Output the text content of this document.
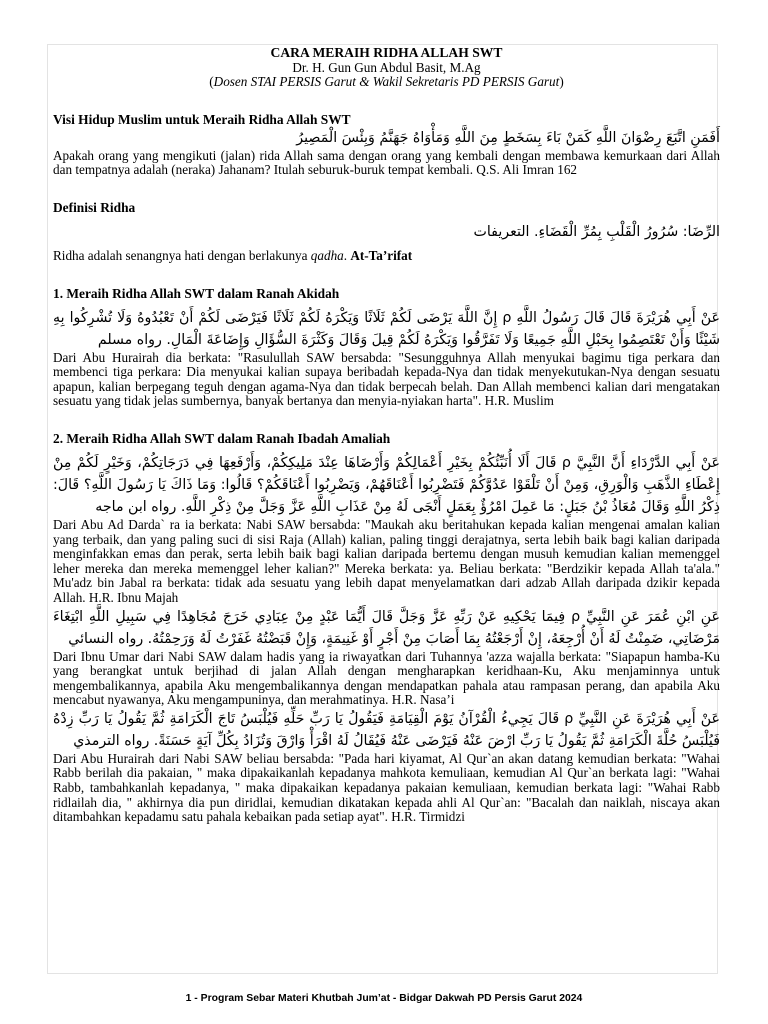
CARA MERAIH RIDHA ALLAH SWT
Dr. H. Gun Gun Abdul Basit, M.Ag
(Dosen STAI PERSIS Garut & Wakil Sekretaris PD PERSIS Garut)
Visi Hidup Muslim untuk Meraih Ridha Allah SWT
أَفَمَنِ اتَّبَعَ رِضْوَانَ اللَّهِ كَمَنْ بَاءَ بِسَخَطٍ مِنَ اللَّهِ وَمَأْوَاهُ جَهَنَّمُ وَبِئْسَ الْمَصِيرُ

Apakah orang yang mengikuti (jalan) rida Allah sama dengan orang yang kembali dengan membawa kemurkaan dari Allah dan tempatnya adalah (neraka) Jahanam? Itulah seburuk-buruk tempat kembali. Q.S. Ali Imran 162

Definisi Ridha
الرِّضَا: سُرُورُ الْقَلْبِ بِمُرِّ الْقَضَاءِ. التعريفات

Ridha adalah senangnya hati dengan berlakunya qadha. At-Ta’rifat

1. Meraih Ridha Allah SWT dalam Ranah Akidah
عَنْ أَبِي هُرَيْرَةَ قَالَ قَالَ رَسُولُ اللَّهِ ρ إِنَّ اللَّهَ يَرْضَى لَكُمْ ثَلَاثًا وَيَكْرَهُ لَكُمْ ثَلَاثًا فَيَرْضَى لَكُمْ أَنْ تَعْبُدُوهُ وَلَا تُشْرِكُوا بِهِ شَيْئًا وَأَنْ تَعْتَصِمُوا بِحَبْلِ اللَّهِ جَمِيعًا وَلَا تَفَرَّقُوا وَيَكْرَهُ لَكُمْ قِيلَ وَقَالَ وَكَثْرَةَ السُّؤَالِ وَإِضَاعَةَ الْمَالِ. رواه مسلم

Dari Abu Hurairah dia berkata: "Rasulullah SAW bersabda: "Sesungguhnya Allah menyukai bagimu tiga perkara dan membenci tiga perkara: Dia menyukai kalian supaya beribadah kepada-Nya dan tidak menyekutukan-Nya dengan sesuatu apapun, kalian berpegang teguh dengan agama-Nya dan tidak berpecah belah. Dan Allah membenci kalian dari mengatakan sesuatu yang tidak jelas sumbernya, banyak bertanya dan menyia-nyiakan harta". H.R. Muslim

2. Meraih Ridha Allah SWT dalam Ranah Ibadah Amaliah
عَنْ أَبِي الدَّرْدَاءِ أَنَّ النَّبِيَّ ρ قَالَ أَلَا أُنَبِّئُكُمْ بِخَيْرِ أَعْمَالِكُمْ وَأَرْضَاهَا عِنْدَ مَلِيكِكُمْ، وَأَرْفَعِهَا فِي دَرَجَاتِكُمْ، وَخَيْرٍ لَكُمْ مِنْ إِعْطَاءِ الذَّهَبِ وَالْوَرِقِ، وَمِنْ أَنْ تَلْقَوْا عَدُوَّكُمْ فَتَضْرِبُوا أَعْنَاقَهُمْ، وَيَضْرِبُوا أَعْنَاقَكُمْ؟ قَالُوا: وَمَا ذَاكَ يَا رَسُولَ اللَّهِ؟ قَالَ: ذِكْرُ اللَّهِ وَقَالَ مُعَاذُ بْنُ جَبَلٍ: مَا عَمِلَ امْرُؤٌ بِعَمَلٍ أَنْجَى لَهُ مِنْ عَذَابِ اللَّهِ عَزَّ وَجَلَّ مِنْ ذِكْرِ اللَّهِ. رواه ابن ماجه

Dari Abu Ad Darda` ra ia berkata: Nabi SAW bersabda: "Maukah aku beritahukan kepada kalian mengenai amalan kalian yang terbaik, dan yang paling suci di sisi Raja (Allah) kalian, paling tinggi derajatnya, serta lebih baik bagi kalian daripada menginfakkan emas dan perak, serta lebih baik bagi kalian daripada bertemu dengan musuh kemudian kalian memenggel leher mereka dan mereka memenggel leher kalian?" Mereka berkata: ya. Beliau berkata: "Berdzikir kepada Allah ta'ala." Mu'adz bin Jabal ra berkata: tidak ada sesuatu yang lebih dapat menyelamatkan dari adzab Allah daripada dzikir kepada Allah. H.R. Ibnu Majah

عَنِ ابْنِ عُمَرَ عَنِ النَّبِيِّ ρ فِيمَا يَحْكِيهِ عَنْ رَبِّهِ عَزَّ وَجَلَّ قَالَ أَيُّمَا عَبْدٍ مِنْ عِبَادِي خَرَجَ مُجَاهِدًا فِي سَبِيلِ اللَّهِ ابْتِغَاءَ مَرْضَاتِي، ضَمِنْتُ لَهُ أَنْ أُرْجِعَهُ، إِنْ أَرْجَعْتُهُ بِمَا أَصَابَ مِنْ أَجْرٍ أَوْ غَنِيمَةٍ، وَإِنْ قَبَضْتُهُ غَفَرْتُ لَهُ وَرَحِمْتُهُ. رواه النسائي

Dari Ibnu Umar dari Nabi SAW dalam hadis yang ia riwayatkan dari Tuhannya 'azza wajalla berkata: "Siapapun hamba-Ku yang berangkat untuk berjihad di jalan Allah dengan mengharapkan keridhaan-Ku, Aku menjaminnya untuk mengembalikannya, apabila Aku mengembalikannya dengan mendapatkan pahala atau rampasan perang, dan apabila Aku mencabut nyawanya, Aku mengampuninya, dan merahmatinya. H.R. Nasa’i

عَنْ أَبِي هُرَيْرَةَ عَنِ النَّبِيِّ ρ قَالَ يَجِيءُ الْقُرْآنُ يَوْمَ الْقِيَامَةِ فَيَقُولُ يَا رَبِّ حَلِّهِ فَيُلْبَسُ تَاجَ الْكَرَامَةِ ثُمَّ يَقُولُ يَا رَبِّ زِدْهُ فَيُلْبَسُ حُلَّةَ الْكَرَامَةِ ثُمَّ يَقُولُ يَا رَبِّ ارْضَ عَنْهُ فَيَرْضَى عَنْهُ فَيُقَالُ لَهُ اقْرَأْ وَارْقَ وَتُزَادُ بِكُلِّ آيَةٍ حَسَنَةً. رواه الترمذي

Dari Abu Hurairah dari Nabi SAW beliau bersabda: "Pada hari kiyamat, Al Qur`an akan datang kemudian berkata: "Wahai Rabb berilah dia pakaian, " maka dipakaikanlah kepadanya mahkota kemuliaan, kemudian Al Qur`an berkata lagi: "Wahai Rabb, tambahkanlah kepadanya, " maka dipakaikan kepadanya pakaian kemuliaan, kemudian berkata lagi: "Wahai Rabb ridlailah dia, " akhirnya dia pun diridlai, kemudian dikatakan kepada ahli Al Qur`an: "Bacalah dan naiklah, niscaya akan ditambahkan kepadamu satu pahala kebaikan pada setiap ayat". H.R. Tirmidzi

1 - Program Sebar Materi Khutbah Jum’at - Bidgar Dakwah PD Persis Garut 2024
